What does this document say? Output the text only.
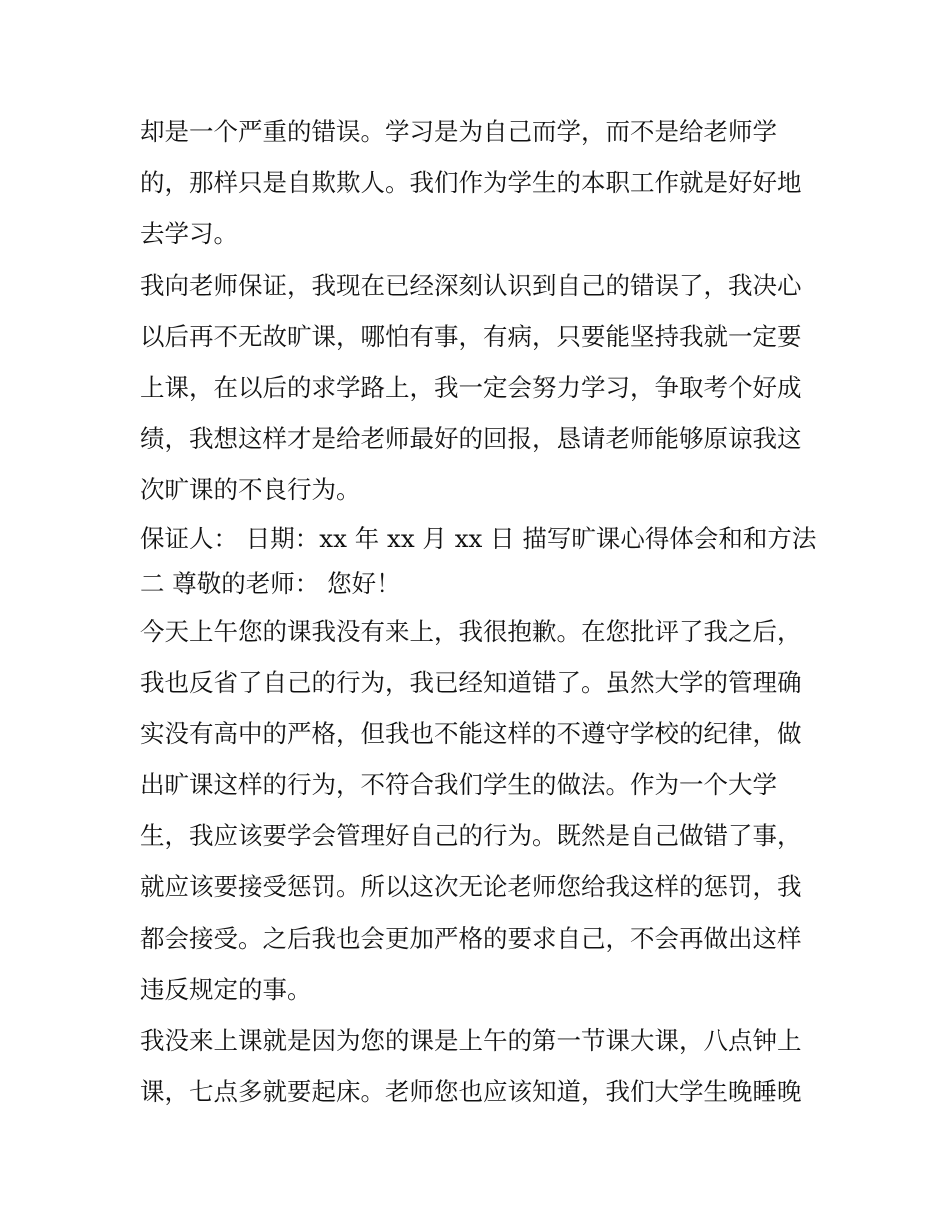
却是一个严重的错误。学习是为自己而学，而不是给老师学
的，那样只是自欺欺人。我们作为学生的本职工作就是好好地
去学习。
我向老师保证，我现在已经深刻认识到自己的错误了，我决心
以后再不无故旷课，哪怕有事，有病，只要能坚持我就一定要
上课，在以后的求学路上，我一定会努力学习，争取考个好成
绩，我想这样才是给老师最好的回报，恳请老师能够原谅我这
次旷课的不良行为。
保证人： 日期：xx 年 xx 月 xx 日 描写旷课心得体会和和方法
二 尊敬的老师： 您好！
今天上午您的课我没有来上，我很抱歉。在您批评了我之后，
我也反省了自己的行为，我已经知道错了。虽然大学的管理确
实没有高中的严格，但我也不能这样的不遵守学校的纪律，做
出旷课这样的行为，不符合我们学生的做法。作为一个大学
生，我应该要学会管理好自己的行为。既然是自己做错了事，
就应该要接受惩罚。所以这次无论老师您给我这样的惩罚，我
都会接受。之后我也会更加严格的要求自己，不会再做出这样
违反规定的事。
我没来上课就是因为您的课是上午的第一节课大课，八点钟上
课，七点多就要起床。老师您也应该知道，我们大学生晚睡晚
